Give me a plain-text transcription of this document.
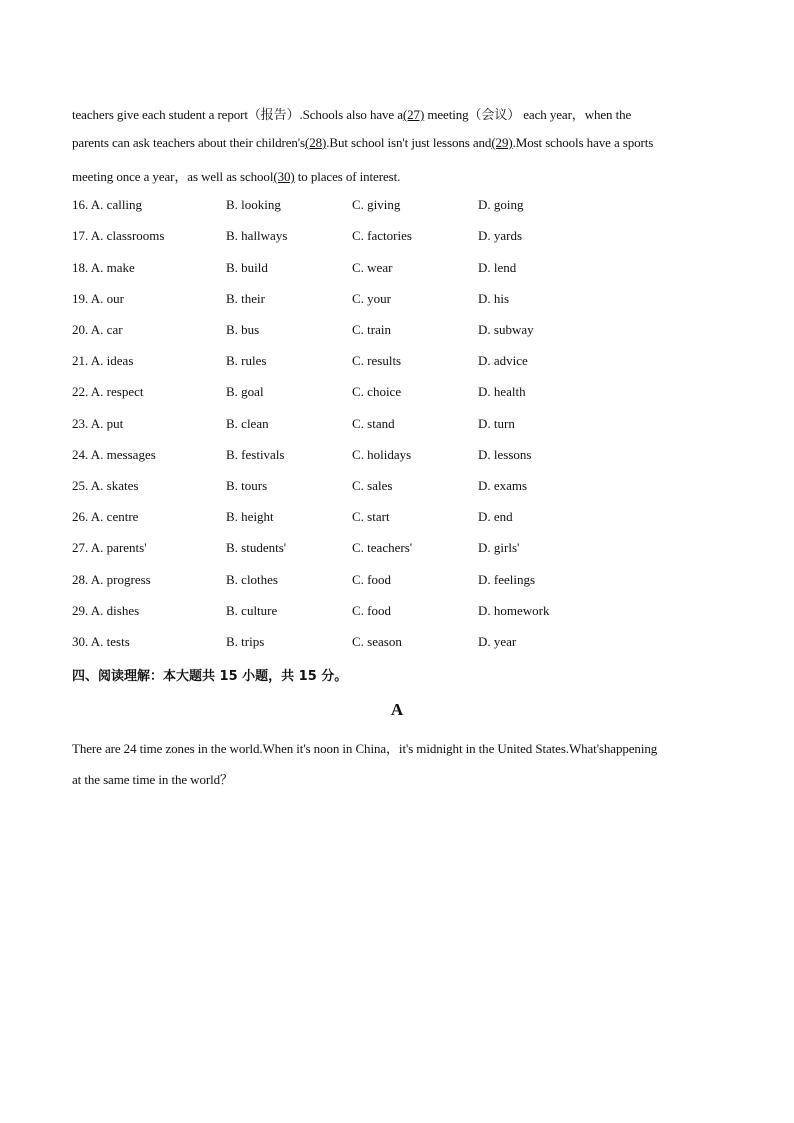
teachers give each student a report（报告）.Schools also have a(27) meeting（会议） each year，when the
parents can ask teachers about their children's(28).But school isn't just lessons and(29).Most schools have a sports
meeting once a year，as well as school(30) to places of interest.
16. A. calling	B. looking	C. giving	D. going
17. A. classrooms	B. hallways	C. factories	D. yards
18. A. make	B. build	C. wear	D. lend
19. A. our	B. their	C. your	D. his
20. A. car	B. bus	C. train	D. subway
21. A. ideas	B. rules	C. results	D. advice
22. A. respect	B. goal	C. choice	D. health
23. A. put	B. clean	C. stand	D. turn
24. A. messages	B. festivals	C. holidays	D. lessons
25. A. skates	B. tours	C. sales	D. exams
26. A. centre	B. height	C. start	D. end
27. A. parents'	B. students'	C. teachers'	D. girls'
28. A. progress	B. clothes	C. food	D. feelings
29. A. dishes	B. culture	C. food	D. homework
30. A. tests	B. trips	C. season	D. year
四、阅读理解：本大题共 15 小题，共 15 分。
A
There are 24 time zones in the world.When it's noon in China，it's midnight in the United States.What'shappening
at the same time in the world？
